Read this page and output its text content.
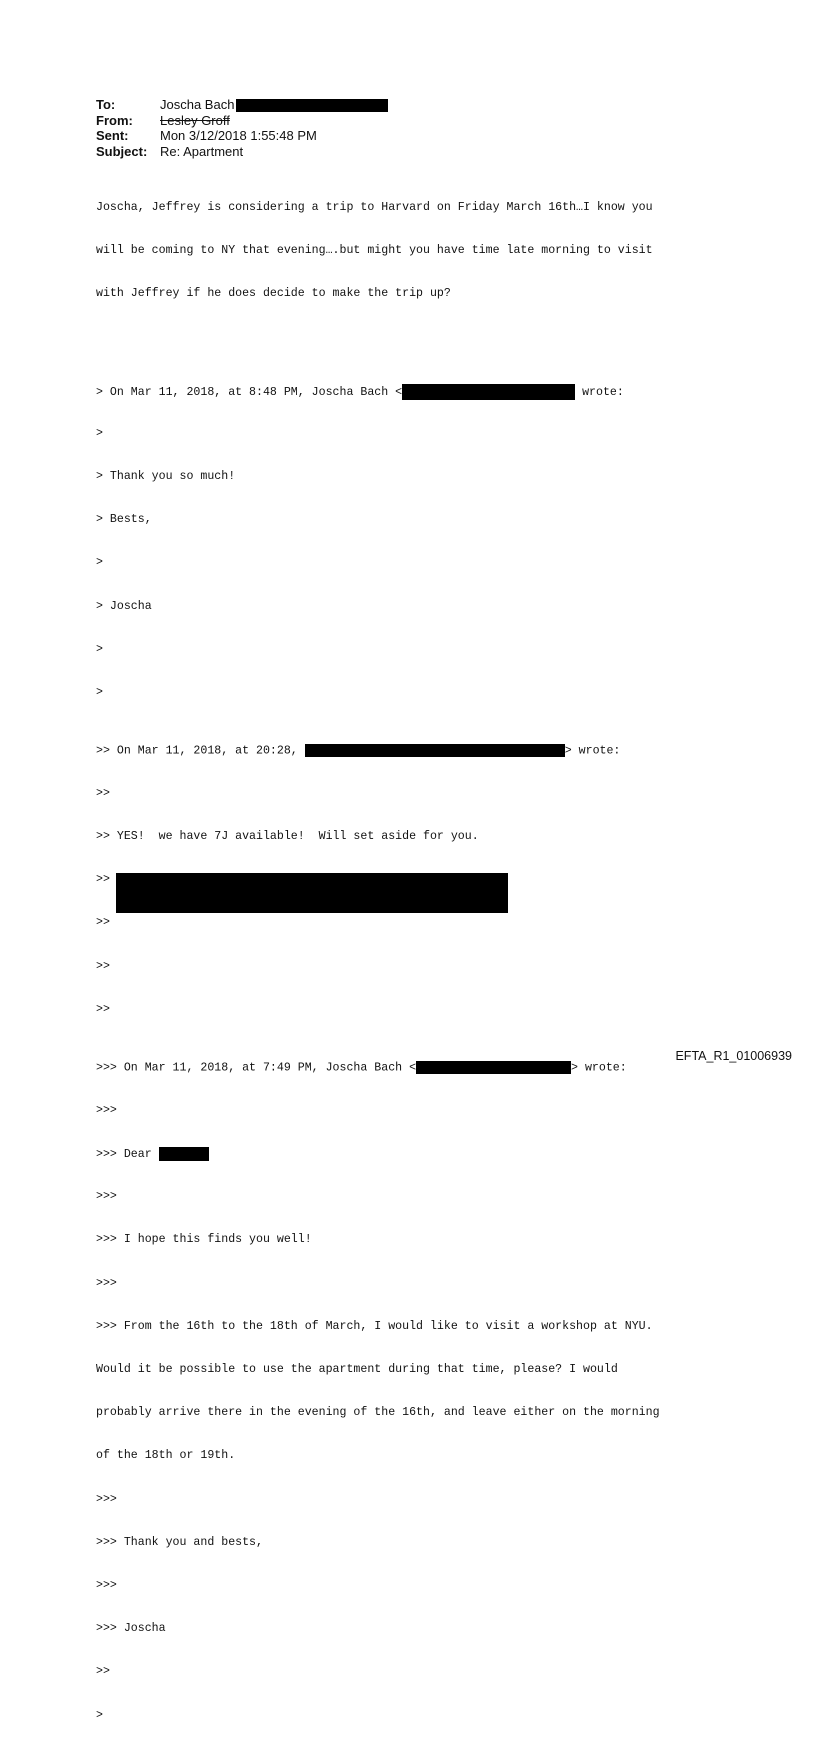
To:	Joscha Bach
From:	Lesley Groff
Sent:	Mon 3/12/2018 1:55:48 PM
Subject: Re: Apartment

Joscha, Jeffrey is considering a trip to Harvard on Friday March 16th…I know you

will be coming to NY that evening….but might you have time late morning to visit

with Jeffrey if he does decide to make the trip up?

> On Mar 11, 2018, at 8:48 PM, Joscha Bach <	wrote:

>

> Thank you so much!

> Bests,

>

> Joscha

>

>

>> On Mar 11, 2018, at 20:28,	> wrote:

>>

>> YES!  we have 7J available!  Will set aside for you.

>>

>>

>>

>>

>>> On Mar 11, 2018, at 7:49 PM, Joscha Bach <	> wrote:

>>>

>>> Dear

>>>

>>> I hope this finds you well!

>>>

>>> From the 16th to the 18th of March, I would like to visit a workshop at NYU.

Would it be possible to use the apartment during that time, please? I would

probably arrive there in the evening of the 16th, and leave either on the morning

of the 18th or 19th.

>>>

>>> Thank you and bests,

>>>

>>> Joscha

>>

>

EFTA_R1_01006939
